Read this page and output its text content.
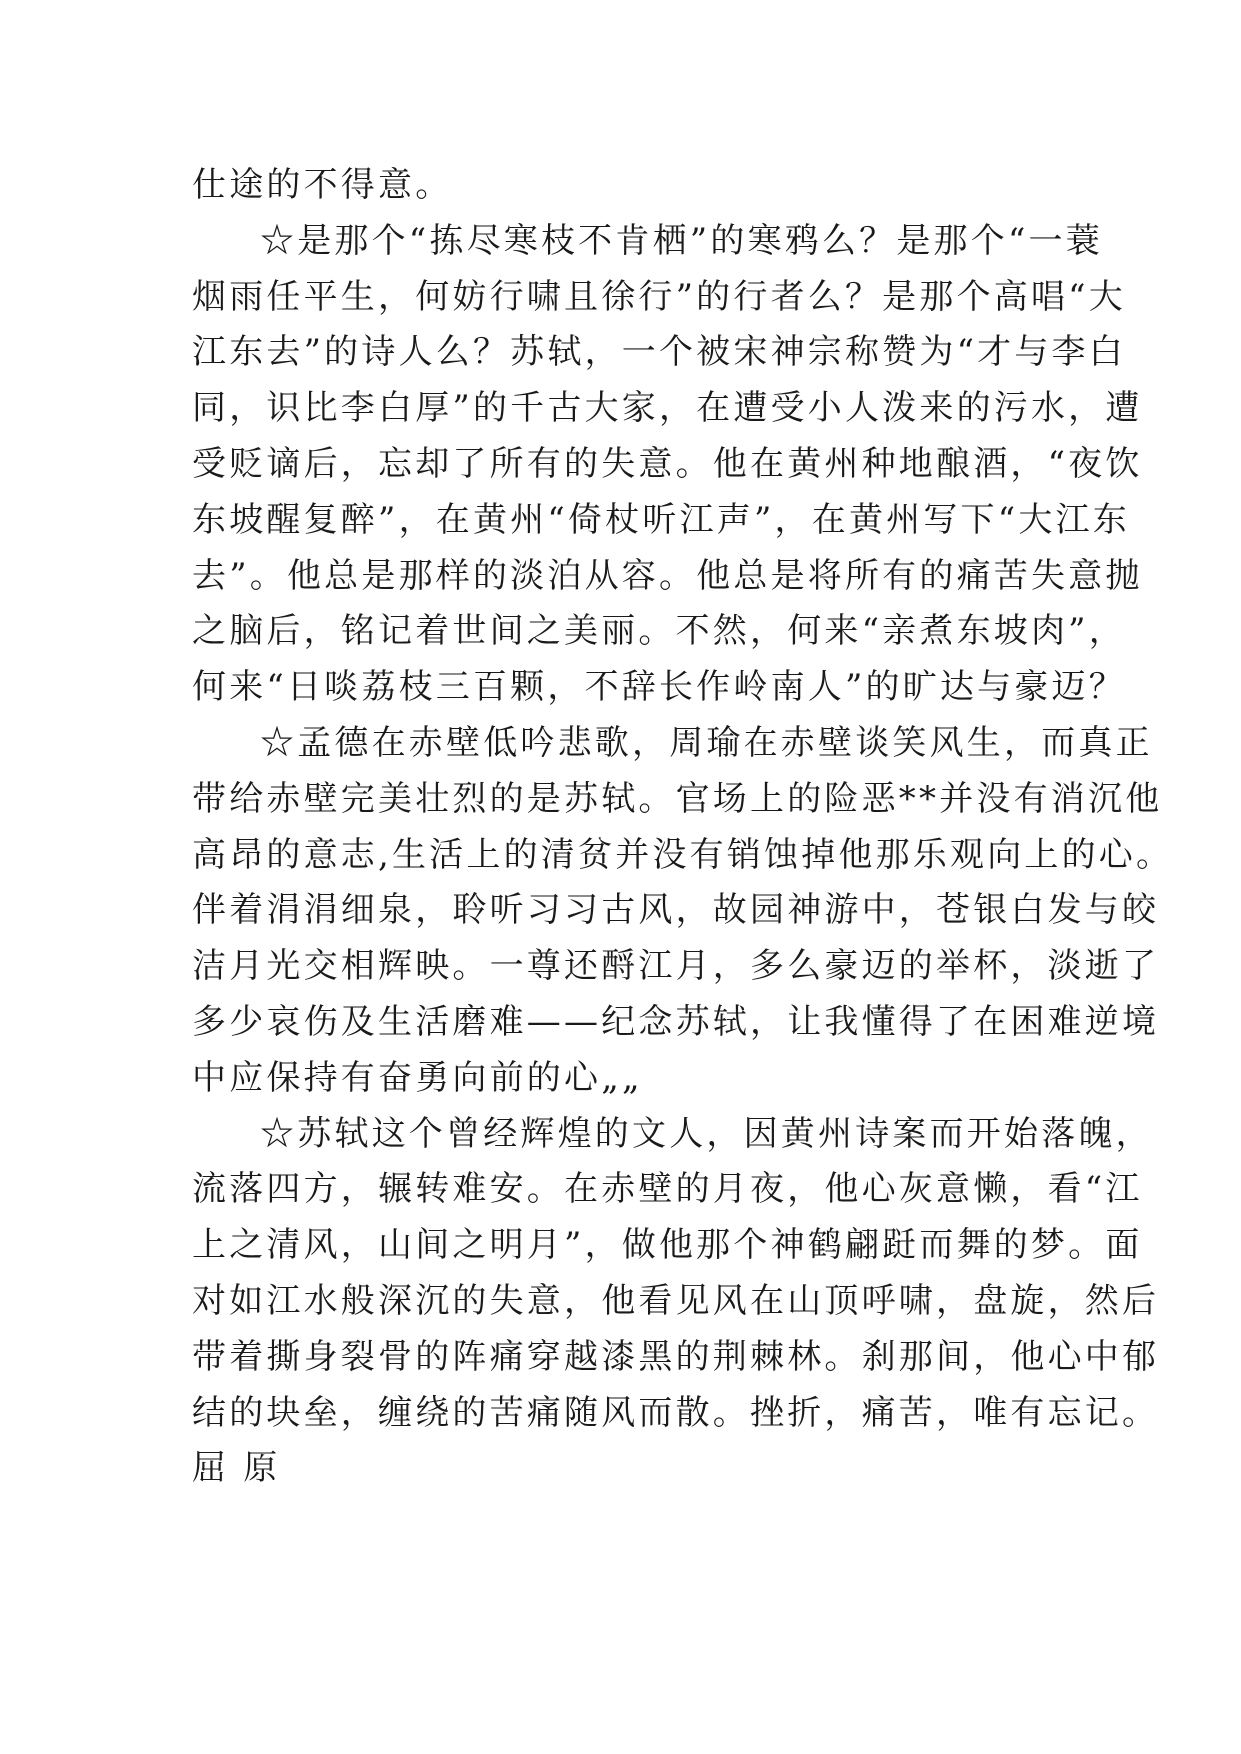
仕途的不得意。
☆是那个“拣尽寒枝不肯栖”的寒鸦么？是那个“一蓑
烟雨任平生，何妨行啸且徐行”的行者么？是那个高唱“大
江东去”的诗人么？苏轼，一个被宋神宗称赞为“才与李白
同，识比李白厚”的千古大家，在遭受小人泼来的污水，遭
受贬谪后，忘却了所有的失意。他在黄州种地酿酒，“夜饮
东坡醒复醉”，在黄州“倚杖听江声”，在黄州写下“大江东
去”。他总是那样的淡泊从容。他总是将所有的痛苦失意抛
之脑后，铭记着世间之美丽。不然，何来“亲煮东坡肉”，
何来“日啖荔枝三百颗，不辞长作岭南人”的旷达与豪迈？
☆孟德在赤壁低吟悲歌，周瑜在赤壁谈笑风生，而真正
带给赤壁完美壮烈的是苏轼。官场上的险恶**并没有消沉他
高昂的意志,生活上的清贫并没有销蚀掉他那乐观向上的心。
伴着涓涓细泉，聆听习习古风，故园神游中，苍银白发与皎
洁月光交相辉映。一尊还酹江月，多么豪迈的举杯，淡逝了
多少哀伤及生活磨难——纪念苏轼，让我懂得了在困难逆境
中应保持有奋勇向前的心„„
☆苏轼这个曾经辉煌的文人，因黄州诗案而开始落魄，
流落四方，辗转难安。在赤壁的月夜，他心灰意懒，看“江
上之清风，山间之明月”，做他那个神鹤翩跹而舞的梦。面
对如江水般深沉的失意，他看见风在山顶呼啸，盘旋，然后
带着撕身裂骨的阵痛穿越漆黑的荆棘林。刹那间，他心中郁
结的块垒，缠绕的苦痛随风而散。挫折，痛苦，唯有忘记。
屈 原
